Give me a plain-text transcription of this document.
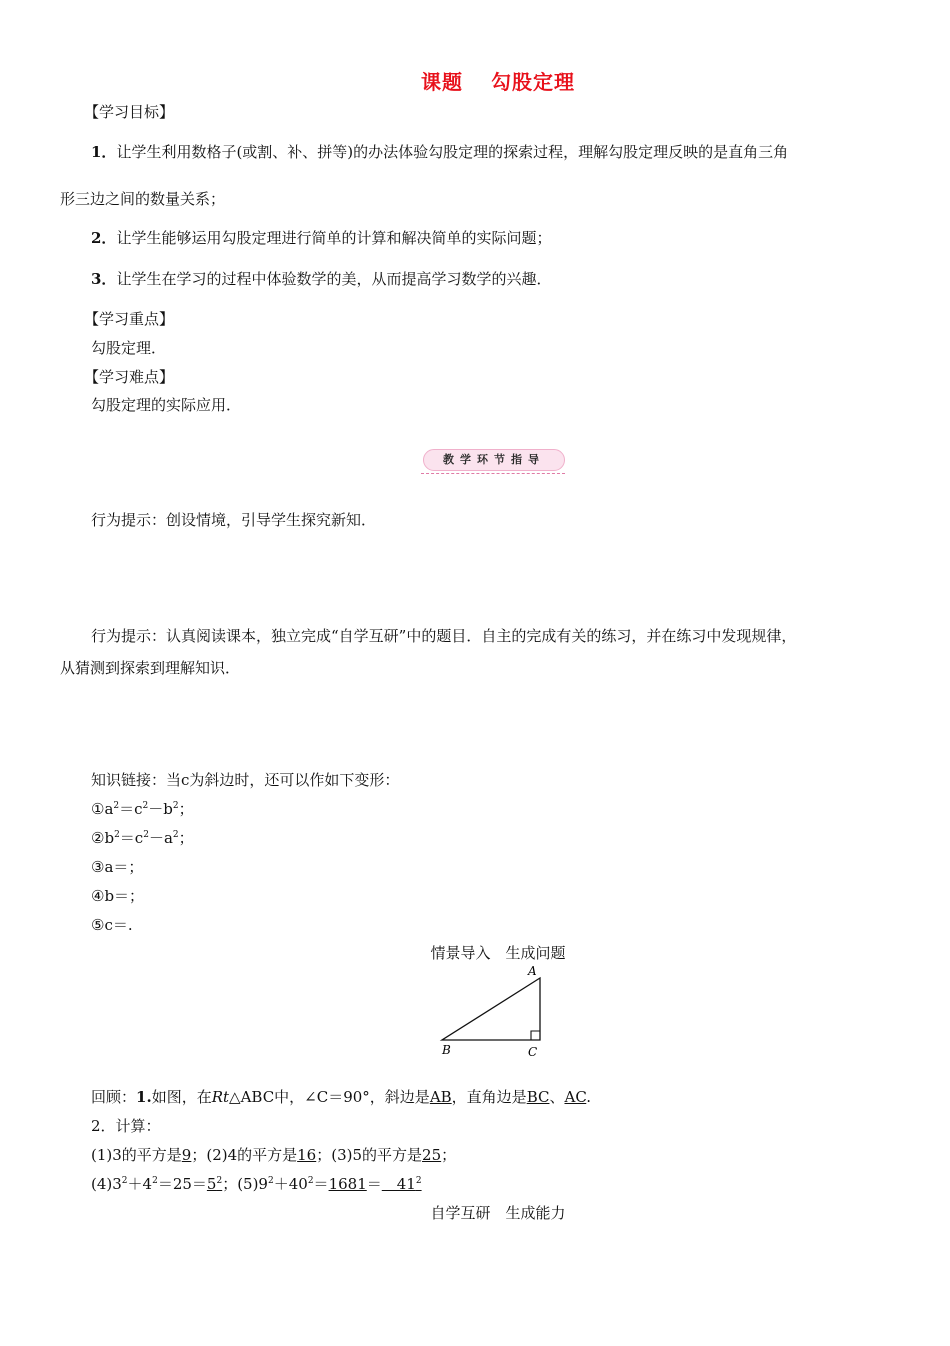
课题 勾股定理
【学习目标】
1．让学生利用数格子(或割、补、拼等)的办法体验勾股定理的探索过程，理解勾股定理反映的是直角三角
形三边之间的数量关系；
2．让学生能够运用勾股定理进行简单的计算和解决简单的实际问题；
3．让学生在学习的过程中体验数学的美，从而提高学习数学的兴趣．
【学习重点】
勾股定理．
【学习难点】
勾股定理的实际应用．
教学环节指导
行为提示：创设情境，引导学生探究新知．
行为提示：认真阅读课本，独立完成“自学互研”中的题目．自主的完成有关的练习，并在练习中发现规律，
从猜测到探索到理解知识．
知识链接：当c为斜边时，还可以作如下变形：
$①a^2=c^2-b^2$；
$②b^2=c^2-a^2$；
③a＝；
④b＝；
⑤c＝.
情景导入　生成问题
A
B	C
回顾：1.如图，在Rt△ABC中，∠C＝90°，斜边是AB，直角边是BC、AC.
2．计算：
(1)3的平方是9；(2)4的平方是16；(3)5的平方是25；
$(4)3^2+4^2=25=5^2$；$(5)9^2+40^2=1681=$　$41^2$
自学互研　生成能力
